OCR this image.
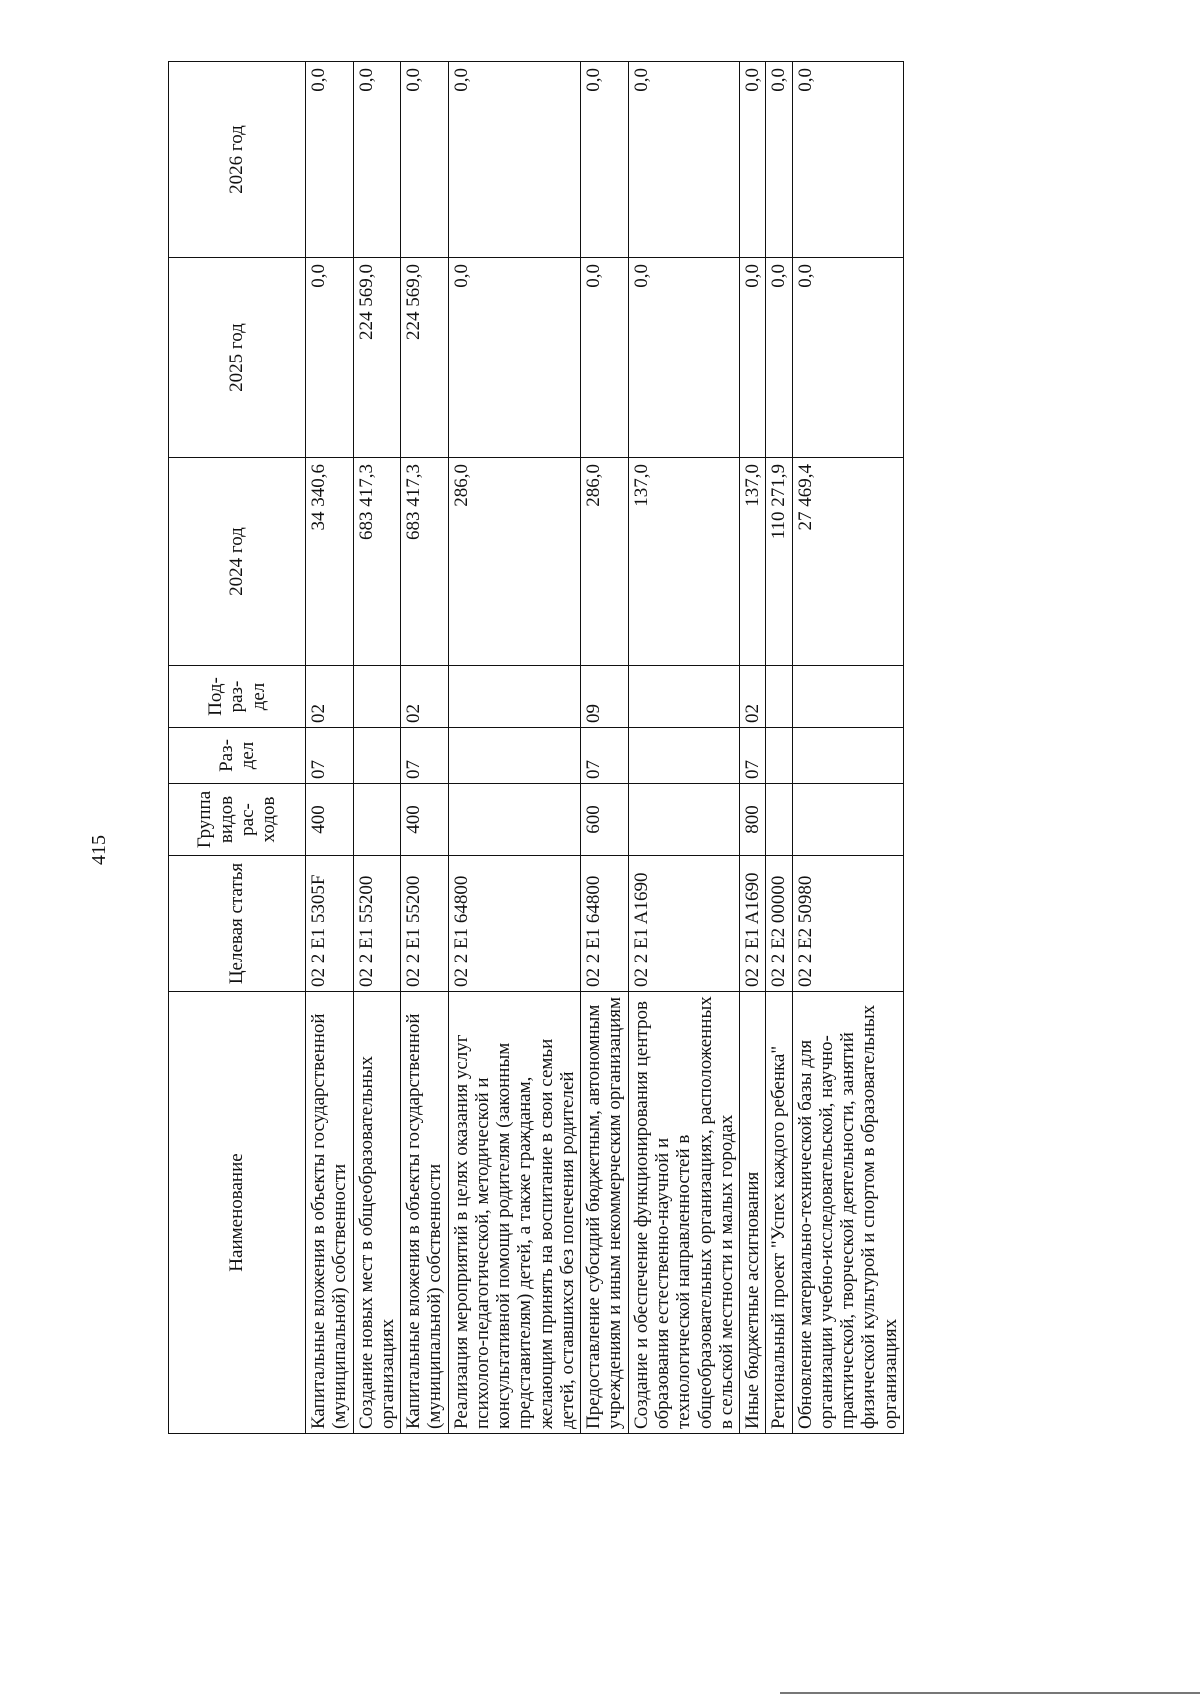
415
Наименование	Целевая статья	Группа видов рас- ходов	Раз- дел	Под- раз- дел	2024 год	2025 год	2026 год
Капитальные вложения в объекты государственной (муниципальной) собственности	02 2 E1 5305F	400	07	02	34 340,6	0,0	0,0
Создание новых мест в общеобразовательных организациях	02 2 E1 55200				683 417,3	224 569,0	0,0
Капитальные вложения в объекты государственной (муниципальной) собственности	02 2 E1 55200	400	07	02	683 417,3	224 569,0	0,0
Реализация мероприятий в целях оказания услуг психолого-педагогической, методической и консультативной помощи родителям (законным представителям) детей, а также гражданам, желающим принять на воспитание в свои семьи детей, оставшихся без попечения родителей	02 2 E1 64800				286,0	0,0	0,0
Предоставление субсидий бюджетным, автономным учреждениям и иным некоммерческим организациям	02 2 E1 64800	600	07	09	286,0	0,0	0,0
Создание и обеспечение функционирования центров образования естественно-научной и технологической направленностей в общеобразовательных организациях, расположенных в сельской местности и малых городах	02 2 E1 A1690				137,0	0,0	0,0
Иные бюджетные ассигнования	02 2 E1 A1690	800	07	02	137,0	0,0	0,0
Региональный проект "Успех каждого ребенка"	02 2 E2 00000				110 271,9	0,0	0,0
Обновление материально-технической базы для организации учебно-исследовательской, научно-практической, творческой деятельности, занятий физической культурой и спортом в образовательных организациях	02 2 E2 50980				27 469,4	0,0	0,0
